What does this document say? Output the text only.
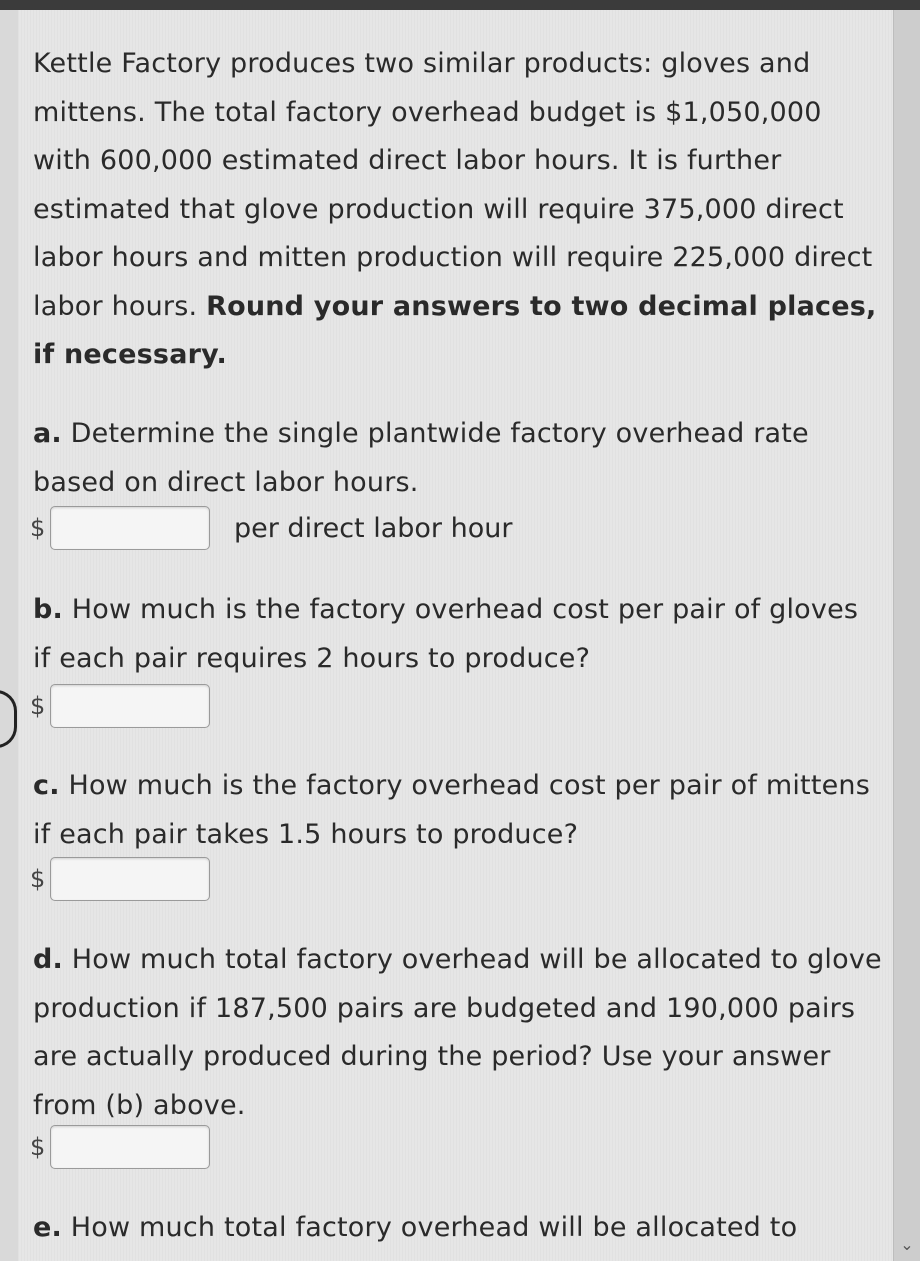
⌄
Kettle Factory produces two similar products: gloves and mittens. The total factory overhead budget is $1,050,000 with 600,000 estimated direct labor hours. It is further estimated that glove production will require 375,000 direct labor hours and mitten production will require 225,000 direct labor hours. Round your answers to two decimal places, if necessary.
a. Determine the single plantwide factory overhead rate based on direct labor hours.
$	per direct labor hour
b. How much is the factory overhead cost per pair of gloves if each pair requires 2 hours to produce?
$
c. How much is the factory overhead cost per pair of mittens if each pair takes 1.5 hours to produce?
$
d. How much total factory overhead will be allocated to glove production if 187,500 pairs are budgeted and 190,000 pairs are actually produced during the period? Use your answer from (b) above.
$
e. How much total factory overhead will be allocated to
